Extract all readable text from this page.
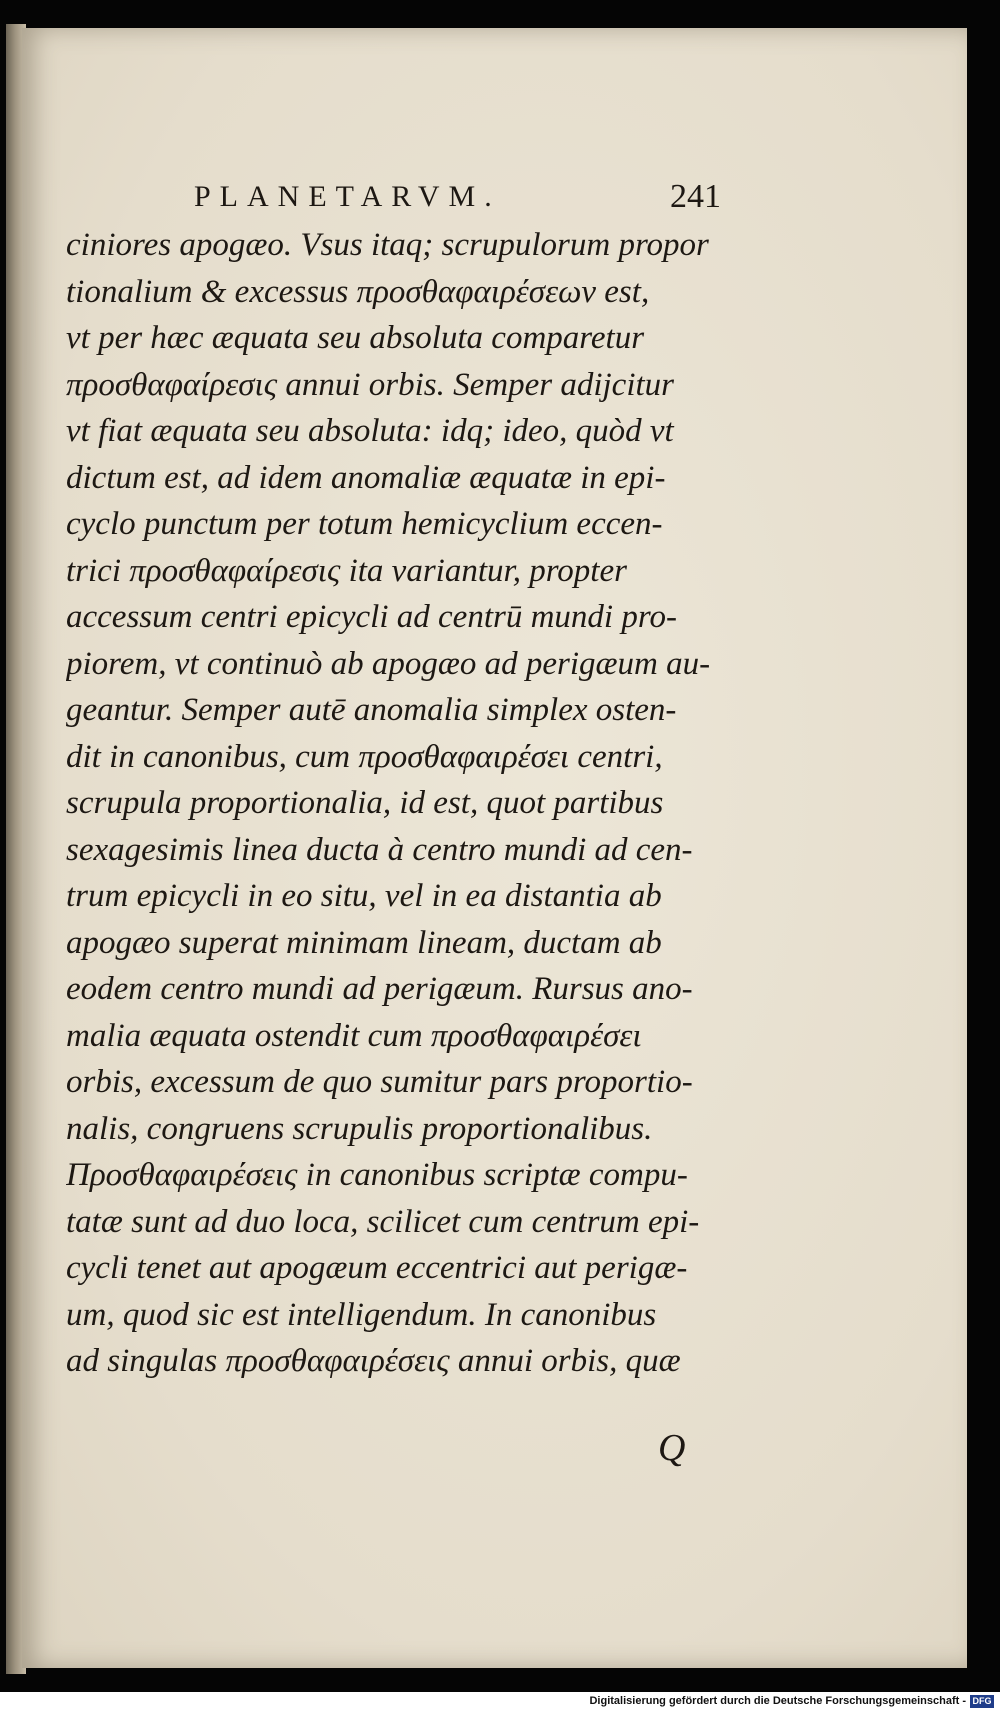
PLANETARVM.	241
ciniores apogæo. Vsus itaq; scrupulorum propor
tionalium & excessus προσθαφαιρέσεων est,
vt per hæc æquata seu absoluta comparetur
προσθαφαίρεσις annui orbis. Semper adijcitur
vt fiat æquata seu absoluta: idq; ideo, quòd vt
dictum est, ad idem anomaliæ æquatæ in epi-
cyclo punctum per totum hemicyclium eccen-
trici προσθαφαίρεσις ita variantur, propter
accessum centri epicycli ad centrū mundi pro-
piorem, vt continuò ab apogæo ad perigæum au-
geantur. Semper autē anomalia simplex osten-
dit in canonibus, cum προσθαφαιρέσει centri,
scrupula proportionalia, id est, quot partibus
sexagesimis linea ducta à centro mundi ad cen-
trum epicycli in eo situ, vel in ea distantia ab
apogæo superat minimam lineam, ductam ab
eodem centro mundi ad perigæum. Rursus ano-
malia æquata ostendit cum προσθαφαιρέσει
orbis, excessum de quo sumitur pars proportio-
nalis, congruens scrupulis proportionalibus.
Προσθαφαιρέσεις in canonibus scriptæ compu-
tatæ sunt ad duo loca, scilicet cum centrum epi-
cycli tenet aut apogæum eccentrici aut perigæ-
um, quod sic est intelligendum. In canonibus
ad singulas προσθαφαιρέσεις annui orbis, quæ
Q
Digitalisierung gefördert durch die Deutsche Forschungsgemeinschaft - DFG
